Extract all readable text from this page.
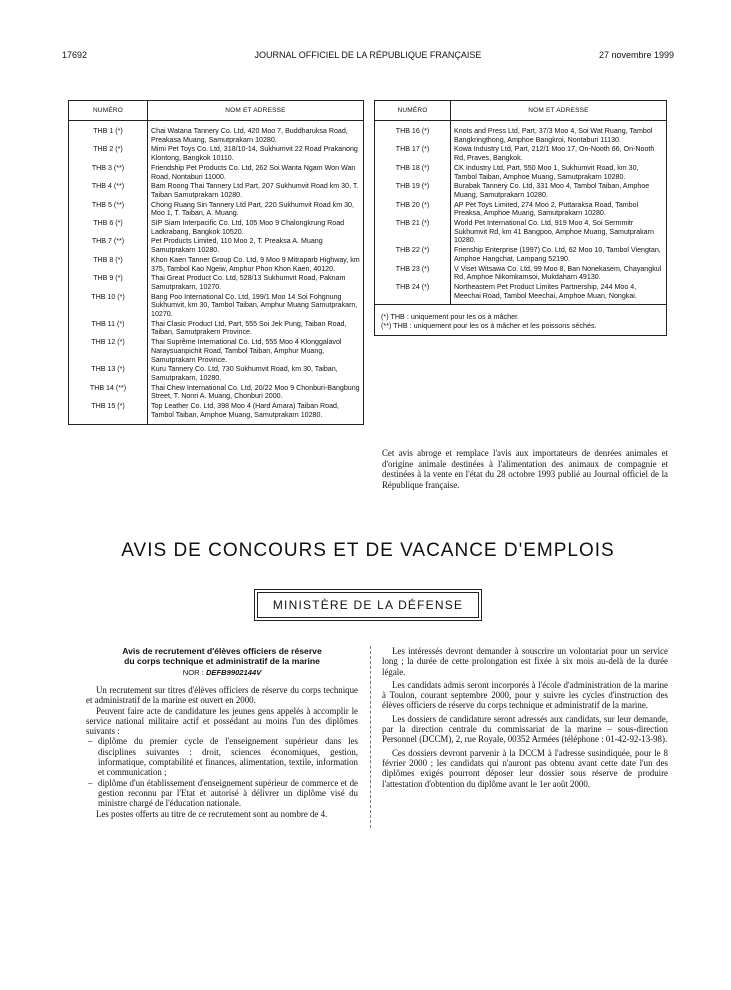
17692	JOURNAL OFFICIEL DE LA RÉPUBLIQUE FRANÇAISE	27 novembre 1999
NUMÉRO	NOM ET ADRESSE
THB 1 (*)	Chai Watana Tannery Co. Ltd, 420 Moo 7, Buddharuksa Road, Preakasa Muang, Samutprakarn 10280.
THB 2 (*)	Mimi Pet Toys Co. Ltd, 318/10-14, Sukhumvit 22 Road Prakanong Klontong, Bangkok 10110.
THB 3 (**)	Friendship Pet Products Co. Ltd, 262 Soi Wanta Ngam Won Wan Road, Nontaburi 11000.
THB 4 (**)	Bam Roong Thai Tannery Ltd Part, 207 Sukhumvit Road km 30, T. Taiban Samutprakarn 10280.
THB 5 (**)	Chong Ruang Sin Tannery Ltd Part, 220 Sukhumvit Road km 30, Moo 1, T. Taiban, A. Muang.
THB 6 (*)	SIP Siam Interpacific Co. Ltd, 105 Moo 9 Chalongkrung Road Ladkrabang, Bangkok 10520.
THB 7 (**)	Pet Products Limited, 110 Moo 2, T. Preaksa A. Muang Samutprakarn 10280.
THB 8 (*)	Khon Kaen Tanner Group Co. Ltd, 9 Moo 9 Mitraparb Highway, km 375, Tambol Kao Ngeiw, Amphur Phon Khon Kaen, 40120.
THB 9 (*)	Thai Great Product Co. Ltd, 528/13 Sukhumvit Road, Paknam Samutprakarn, 10270.
THB 10 (*)	Bang Poo International Co. Ltd, 199/1 Moo 14 Soi Fohgnung Sukhumvit, km 30, Tambol Taiban, Amphur Muang Samutprakarn, 10270.
THB 11 (*)	Thai Clasic Product Ltd, Part, 555 Soi Jek Pung, Taiban Road, Taiban, Samutprakern Province.
THB 12 (*)	Thai Suprême International Co. Ltd, 555 Moo 4 Klonggalavol Naraysuanpichit Road, Tambol Taiban, Amphur Muang, Samutprakarn Province.
THB 13 (*)	Kuru Tannery Co. Ltd, 730 Sukhumvit Road, km 30, Taiban, Samutprakarn, 10280.
THB 14 (**)	Thai Chew International Co. Ltd, 20/22 Moo 9 Chonburi-Bangbung Street, T. Nonri A. Muang, Chonburi 2000.
THB 15 (*)	Top Leather Co. Ltd, 398 Moo 4 (Hard Amara) Taiban Road, Tambol Taiban, Amphoe Muang, Samutprakarn 10280.
NUMÉRO	NOM ET ADRESSE
THB 16 (*)	Knots and Press Ltd, Part, 37/3 Moo 4, Soi Wat Ruang, Tambol Bangkringthong, Amphoe Bangkroi, Nontaburi 11130.
THB 17 (*)	Kowa Industry Ltd, Part, 212/1 Moo 17, On-Nooth 66, On-Nooth Rd, Praves, Bangkok.
THB 18 (*)	CK Industry Ltd, Part, 550 Moo 1, Sukhumvit Road, km 30, Tambol Taiban, Amphoe Muang, Samutprakarn 10280.
THB 19 (*)	Burabak Tannery Co. Ltd, 331 Moo 4, Tambol Taiban, Amphoe Muang, Samutprakarn 10280.
THB 20 (*)	AP Pet Toys Limited, 274 Moo 2, Puttaraksa Road, Tambol Preaksa, Amphoe Muang, Samutprakarn 10280.
THB 21 (*)	World Pet International Co. Ltd, 919 Moo 4, Soi Sermmitr Sukhumvit Rd, km 41 Bangpoo, Amphoe Muang, Samutprakarn 10280.
THB 22 (*)	Frienship Enterprise (1997) Co. Ltd, 62 Moo 10, Tambol Viengtan, Amphoe Hangchat, Lampang 52190.
THB 23 (*)	V Viset Witsawa Co. Ltd, 99 Moo 8, Ban Nonekasem, Chayangkul Rd, Amphoe Nikomkamsoi, Mukdaharn 49130.
THB 24 (*)	Northeastern Pet Product Limites Partnership, 244 Moo 4, Meechai Road, Tambol Meechai, Amphoe Muan, Nongkai.

(*) THB : uniquement pour les os à mâcher.
(**) THB : uniquement pour les os à mâcher et les poissons séchés.	

Cet avis abroge et remplace l'avis aux importateurs de denrées animales et d'origine animale destinées à l'alimentation des animaux de compagnie et destinées à la vente en l'état du 28 octobre 1993 publié au Journal officiel de la République française.

AVIS DE CONCOURS ET DE VACANCE D'EMPLOIS
MINISTÈRE DE LA DÉFENSE

Avis de recrutement d'élèves officiers de réserve

du corps technique et administratif de la marine

NOR : DEFB9902144V

Un recrutement sur titres d'élèves officiers de réserve du corps technique et administratif de la marine est ouvert en 2000.

Peuvent faire acte de candidature les jeunes gens appelés à accomplir le service national militaire actif et possédant au moins l'un des diplômes suivants :

– diplôme du premier cycle de l'enseignement supérieur dans les disciplines suivantes : droit, sciences économiques, gestion, informatique, comptabilité et finances, alimentation, textile, information et communication ;
– diplôme d'un établissement d'enseignement supérieur de commerce et de gestion reconnu par l'Etat et autorisé à délivrer un diplôme visé du ministre chargé de l'éducation nationale.

Les postes offerts au titre de ce recrutement sont au nombre de 4.

Les intéressés devront demander à souscrire un volontariat pour un service long ; la durée de cette prolongation est fixée à six mois au-delà de la durée légale.

Les candidats admis seront incorporés à l'école d'administration de la marine à Toulon, courant septembre 2000, pour y suivre les cycles d'instruction des élèves officiers de réserve du corps technique et administratif de la marine.

Les dossiers de candidature seront adressés aux candidats, sur leur demande, par la direction centrale du commissariat de la marine – sous-direction Personnel (DCCM), 2, rue Royale, 00352 Armées (téléphone : 01-42-92-13-98).

Ces dossiers devront parvenir à la DCCM à l'adresse susindiquée, pour le 8 février 2000 ; les candidats qui n'auront pas obtenu avant cette date l'un des diplômes exigés pourront déposer leur dossier sous réserve de produire l'attestation d'obtention du diplôme avant le 1er août 2000.
